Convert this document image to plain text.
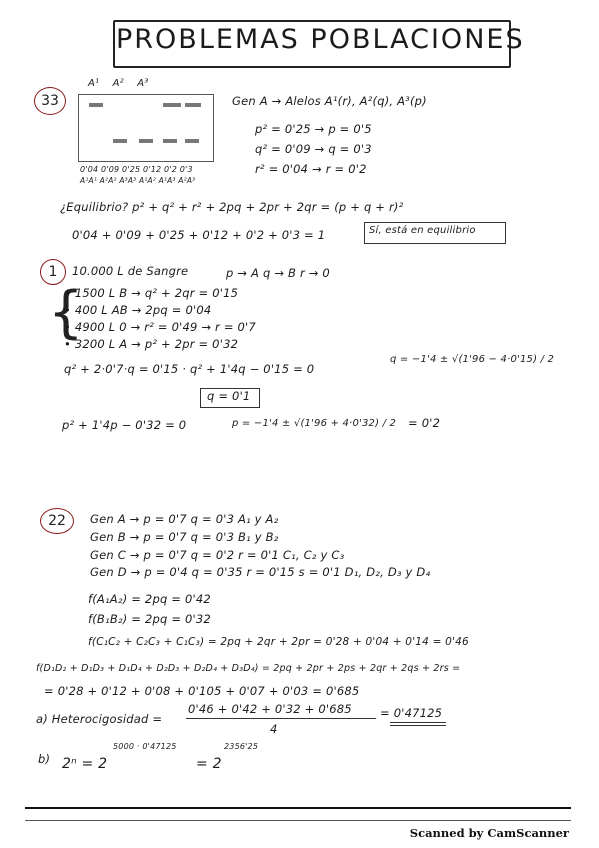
PROBLEMAS POBLACIONES
33
A¹ A² A³
0'04 0'09 0'25 0'12 0'2 0'3
A¹A¹ A²A² A³A³ A¹A² A¹A³ A²A³
Gen A → Alelos A¹(r), A²(q), A³(p)
p² = 0'25 → p = 0'5
q² = 0'09 → q = 0'3
r² = 0'04 → r = 0'2
¿Equilibrio? p² + q² + r² + 2pq + 2pr + 2qr = (p + q + r)²
0'04 + 0'09 + 0'25 + 0'12 + 0'2 + 0'3 = 1	Sí, está en equilibrio
1	10.000 L de Sangre	p → A q → B r → 0
{
• 1500 L B → q² + 2qr = 0'15
• 400 L AB → 2pq = 0'04
• 4900 L 0 → r² = 0'49 → r = 0'7
• 3200 L A → p² + 2pr = 0'32
q² + 2·0'7·q = 0'15 · q² + 1'4q − 0'15 = 0
q = −1'4 ± √(1'96 − 4·0'15) / 2
q = 0'1
p² + 1'4p − 0'32 = 0	p = −1'4 ± √(1'96 + 4·0'32) / 2 = 0'2
22	Gen A → p = 0'7 q = 0'3 A₁ y A₂
Gen B → p = 0'7 q = 0'3 B₁ y B₂
Gen C → p = 0'7 q = 0'2 r = 0'1 C₁, C₂ y C₃
Gen D → p = 0'4 q = 0'35 r = 0'15 s = 0'1 D₁, D₂, D₃ y D₄
f(A₁A₂) = 2pq = 0'42
f(B₁B₂) = 2pq = 0'32
f(C₁C₂ + C₂C₃ + C₁C₃) = 2pq + 2qr + 2pr = 0'28 + 0'04 + 0'14 = 0'46
f(D₁D₂ + D₁D₃ + D₁D₄ + D₂D₃ + D₂D₄ + D₃D₄) = 2pq + 2pr + 2ps + 2qr + 2qs + 2rs =
= 0'28 + 0'12 + 0'08 + 0'105 + 0'07 + 0'03 = 0'685
a) Heterocigosidad =
0'46 + 0'42 + 0'32 + 0'685
4
= 0'47125
b) 2ⁿ = 2
5000 · 0'47125
= 2
2356'25
Scanned by CamScanner
